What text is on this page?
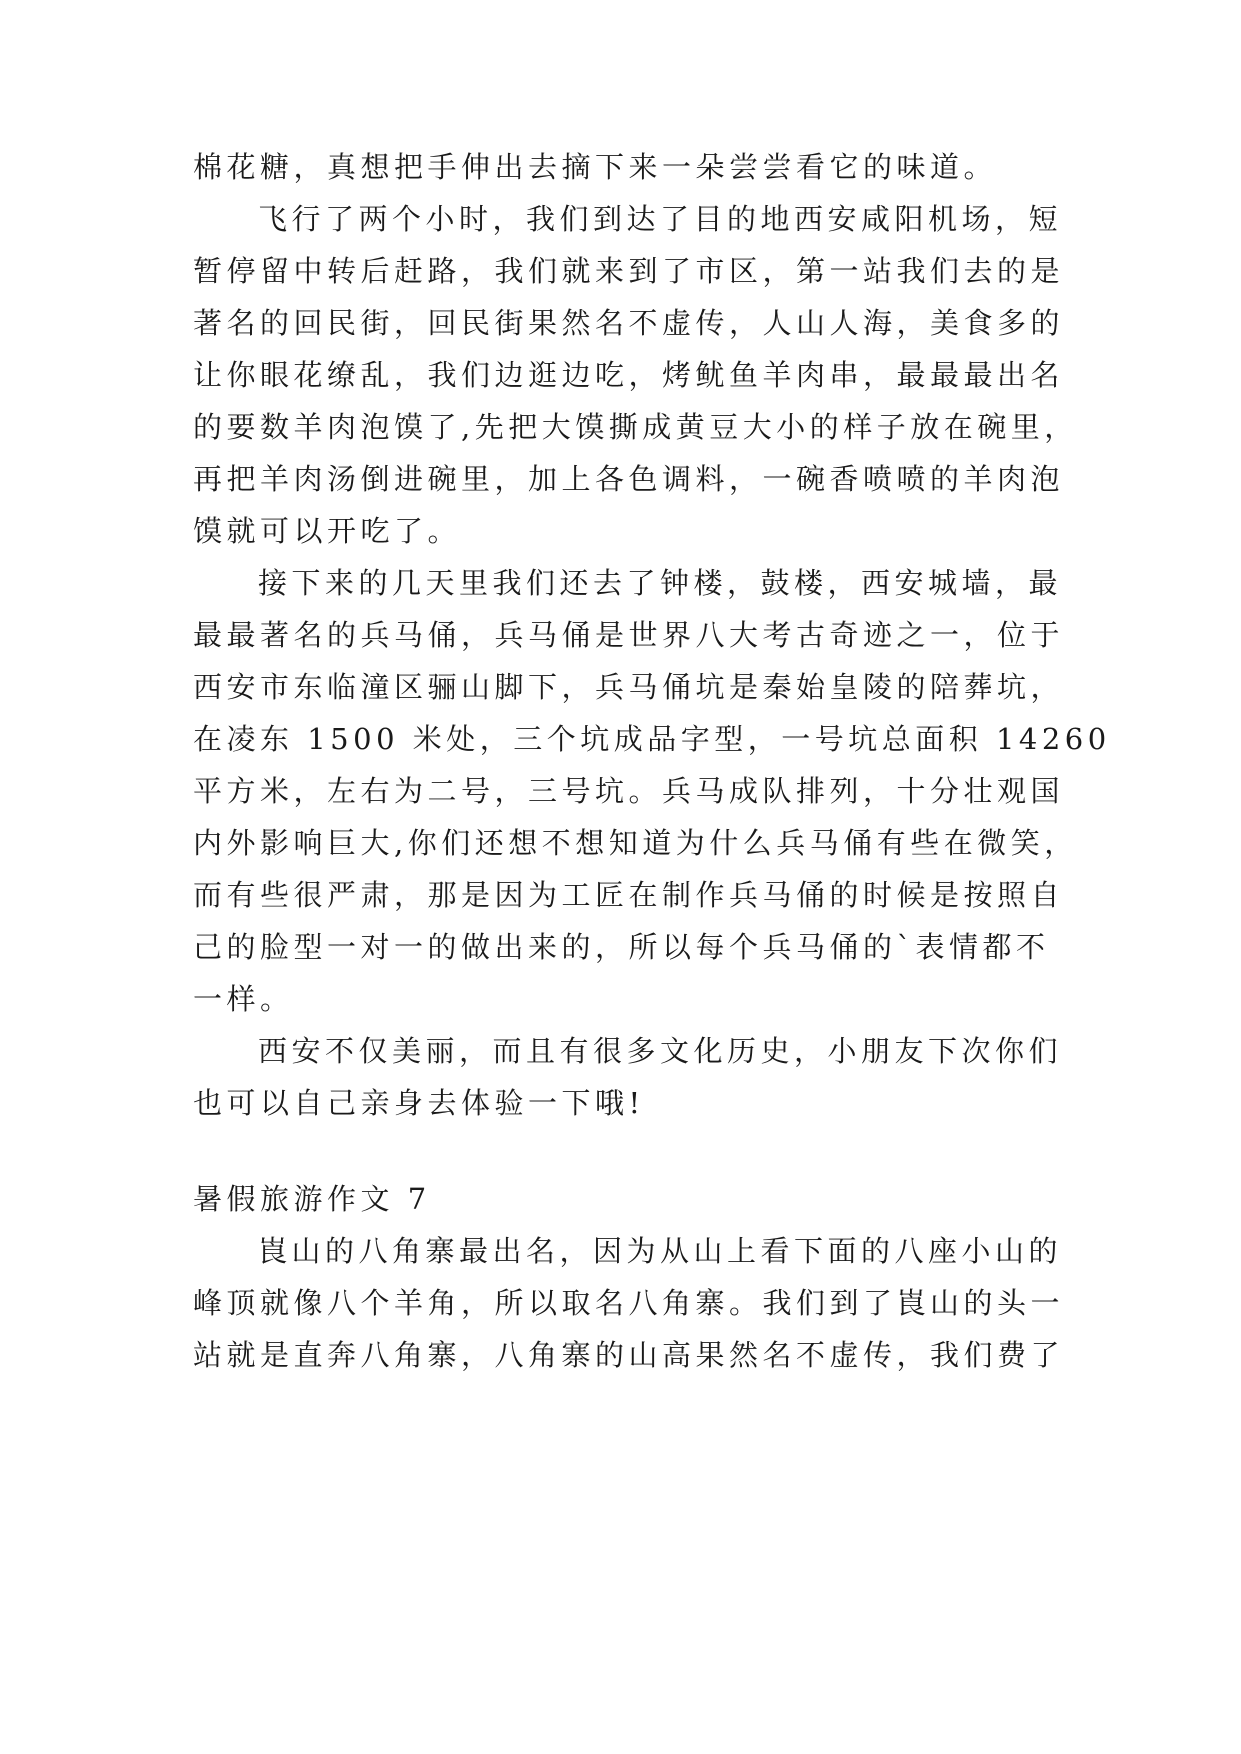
棉花糖，真想把手伸出去摘下来一朵尝尝看它的味道。
飞行了两个小时，我们到达了目的地西安咸阳机场，短
暂停留中转后赶路，我们就来到了市区，第一站我们去的是
著名的回民街，回民街果然名不虚传，人山人海，美食多的
让你眼花缭乱，我们边逛边吃，烤鱿鱼羊肉串，最最最出名
的要数羊肉泡馍了,先把大馍撕成黄豆大小的样子放在碗里，
再把羊肉汤倒进碗里，加上各色调料，一碗香喷喷的羊肉泡
馍就可以开吃了。
接下来的几天里我们还去了钟楼，鼓楼，西安城墙，最
最最著名的兵马俑，兵马俑是世界八大考古奇迹之一，位于
西安市东临潼区骊山脚下，兵马俑坑是秦始皇陵的陪葬坑，
在凌东 1500 米处，三个坑成品字型，一号坑总面积 14260
平方米，左右为二号，三号坑。兵马成队排列，十分壮观国
内外影响巨大,你们还想不想知道为什么兵马俑有些在微笑，
而有些很严肃，那是因为工匠在制作兵马俑的时候是按照自
己的脸型一对一的做出来的，所以每个兵马俑的`表情都不
一样。
西安不仅美丽，而且有很多文化历史，小朋友下次你们
也可以自己亲身去体验一下哦!
暑假旅游作文 7
崀山的八角寨最出名，因为从山上看下面的八座小山的
峰顶就像八个羊角，所以取名八角寨。我们到了崀山的头一
站就是直奔八角寨，八角寨的山高果然名不虚传，我们费了
